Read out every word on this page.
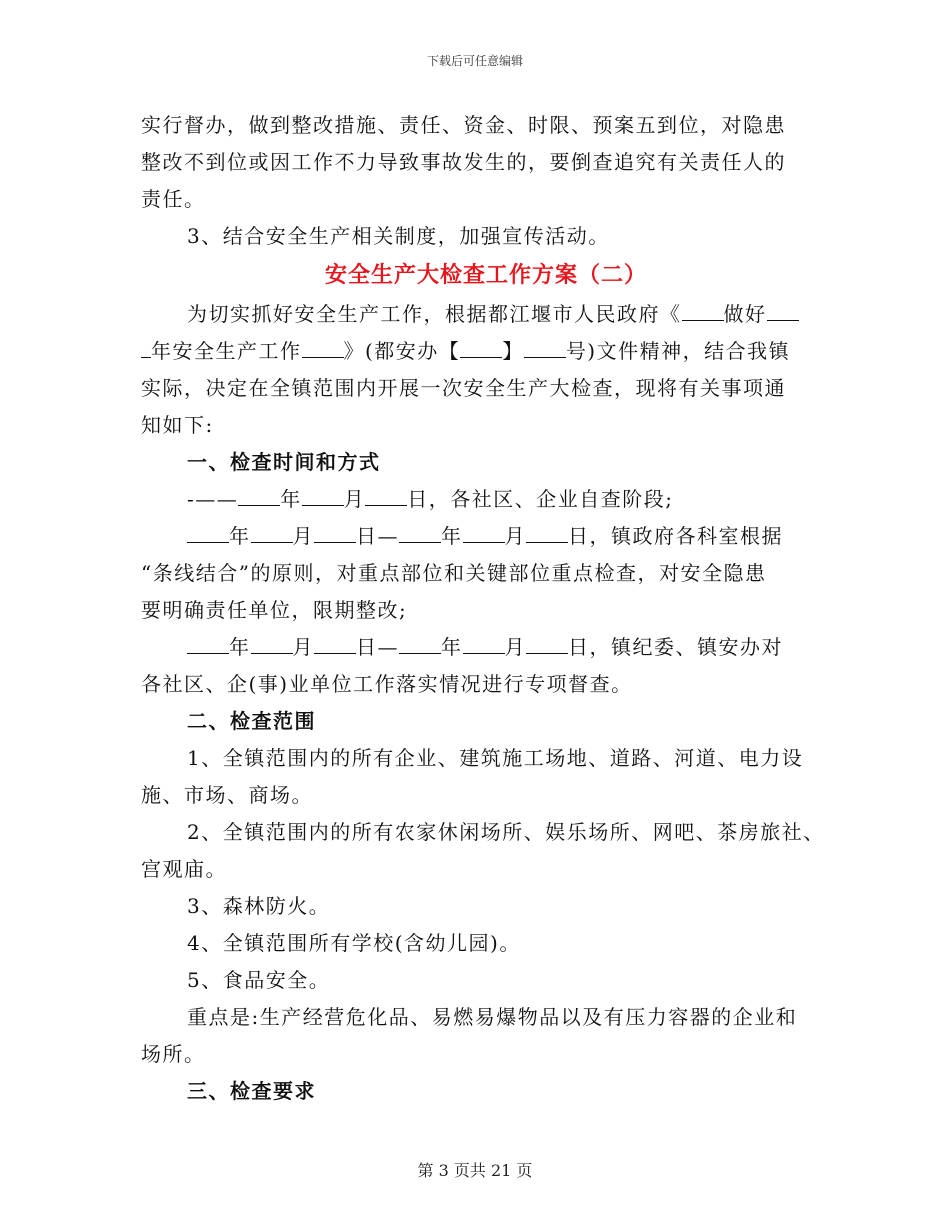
下载后可任意编辑
实行督办，做到整改措施、责任、资金、时限、预案五到位，对隐患
整改不到位或因工作不力导致事故发生的，要倒查追究有关责任人的
责任。
3、结合安全生产相关制度，加强宣传活动。
安全生产大检查工作方案（二）
为切实抓好安全生产工作，根据都江堰市人民政府《 做好
年安全生产工作 》(都安办【 】 号)文件精神，结合我镇
实际，决定在全镇范围内开展一次安全生产大检查，现将有关事项通
知如下:
一、检查时间和方式
-—— 年 月 日，各社区、企业自查阶段;
年 月 日— 年 月 日，镇政府各科室根据
“条线结合”的原则，对重点部位和关键部位重点检查，对安全隐患
要明确责任单位，限期整改;
年 月 日— 年 月 日，镇纪委、镇安办对
各社区、企(事)业单位工作落实情况进行专项督查。
二、检查范围
1、全镇范围内的所有企业、建筑施工场地、道路、河道、电力设
施、市场、商场。
2、全镇范围内的所有农家休闲场所、娱乐场所、网吧、茶房旅社、
宫观庙。
3、森林防火。
4、全镇范围所有学校(含幼儿园)。
5、食品安全。
重点是:生产经营危化品、易燃易爆物品以及有压力容器的企业和
场所。
三、检查要求
第 3 页共 21 页
